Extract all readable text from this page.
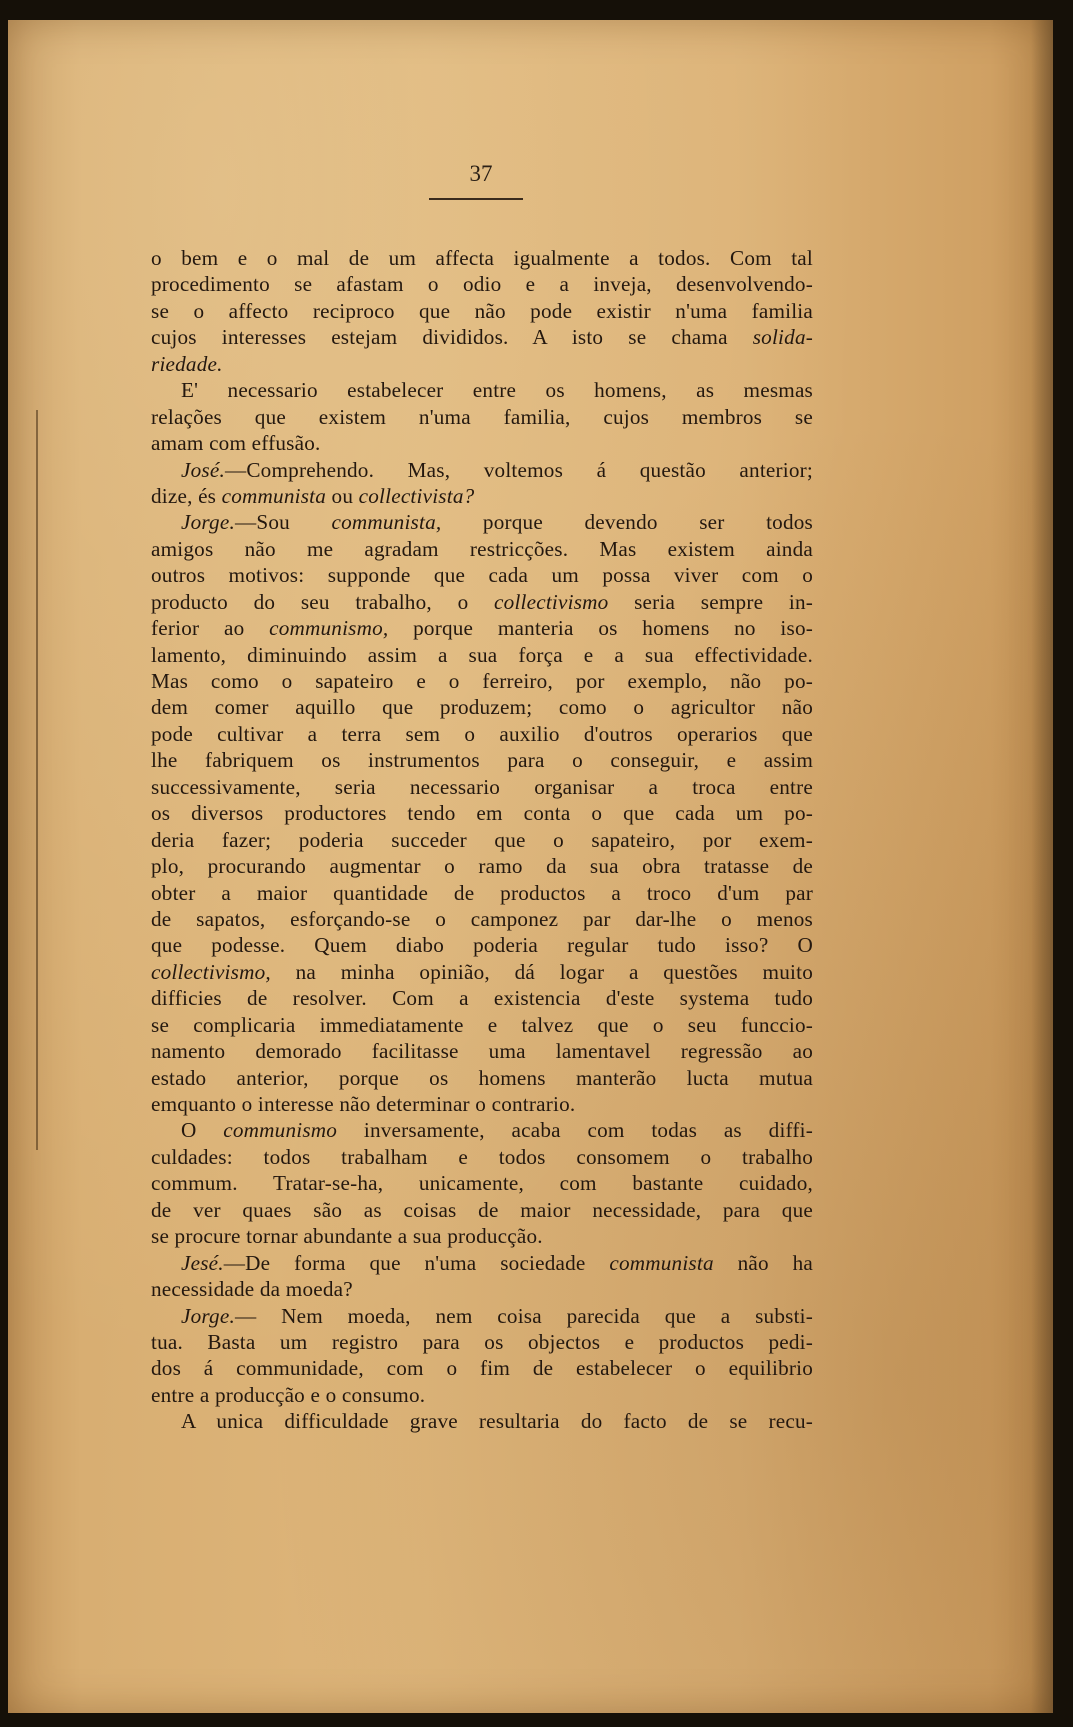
37
o bem e o mal de um affecta igualmente a todos. Com tal
procedimento se afastam o odio e a inveja, desenvolvendo-
se o affecto reciproco que não pode existir n'uma familia
cujos interesses estejam divididos. A isto se chama solida-
riedade.
E' necessario estabelecer entre os homens, as mesmas
relações que existem n'uma familia, cujos membros se
amam com effusão.
José.—Comprehendo. Mas, voltemos á questão anterior;
dize, és communista ou collectivista?
Jorge.—Sou communista, porque devendo ser todos
amigos não me agradam restricções. Mas existem ainda
outros motivos: supponde que cada um possa viver com o
producto do seu trabalho, o collectivismo seria sempre in-
ferior ao communismo, porque manteria os homens no iso-
lamento, diminuindo assim a sua força e a sua effectividade.
Mas como o sapateiro e o ferreiro, por exemplo, não po-
dem comer aquillo que produzem; como o agricultor não
pode cultivar a terra sem o auxilio d'outros operarios que
lhe fabriquem os instrumentos para o conseguir, e assim
successivamente, seria necessario organisar a troca entre
os diversos productores tendo em conta o que cada um po-
deria fazer; poderia succeder que o sapateiro, por exem-
plo, procurando augmentar o ramo da sua obra tratasse de
obter a maior quantidade de productos a troco d'um par
de sapatos, esforçando-se o camponez par dar-lhe o menos
que podesse. Quem diabo poderia regular tudo isso? O
collectivismo, na minha opinião, dá logar a questões muito
difficies de resolver. Com a existencia d'este systema tudo
se complicaria immediatamente e talvez que o seu funccio-
namento demorado facilitasse uma lamentavel regressão ao
estado anterior, porque os homens manterão lucta mutua
emquanto o interesse não determinar o contrario.
O communismo inversamente, acaba com todas as diffi-
culdades: todos trabalham e todos consomem o trabalho
commum. Tratar-se-ha, unicamente, com bastante cuidado,
de ver quaes são as coisas de maior necessidade, para que
se procure tornar abundante a sua producção.
Jesé.—De forma que n'uma sociedade communista não ha
necessidade da moeda?
Jorge.— Nem moeda, nem coisa parecida que a substi-
tua. Basta um registro para os objectos e productos pedi-
dos á communidade, com o fim de estabelecer o equilibrio
entre a producção e o consumo.
A unica difficuldade grave resultaria do facto de se recu-
